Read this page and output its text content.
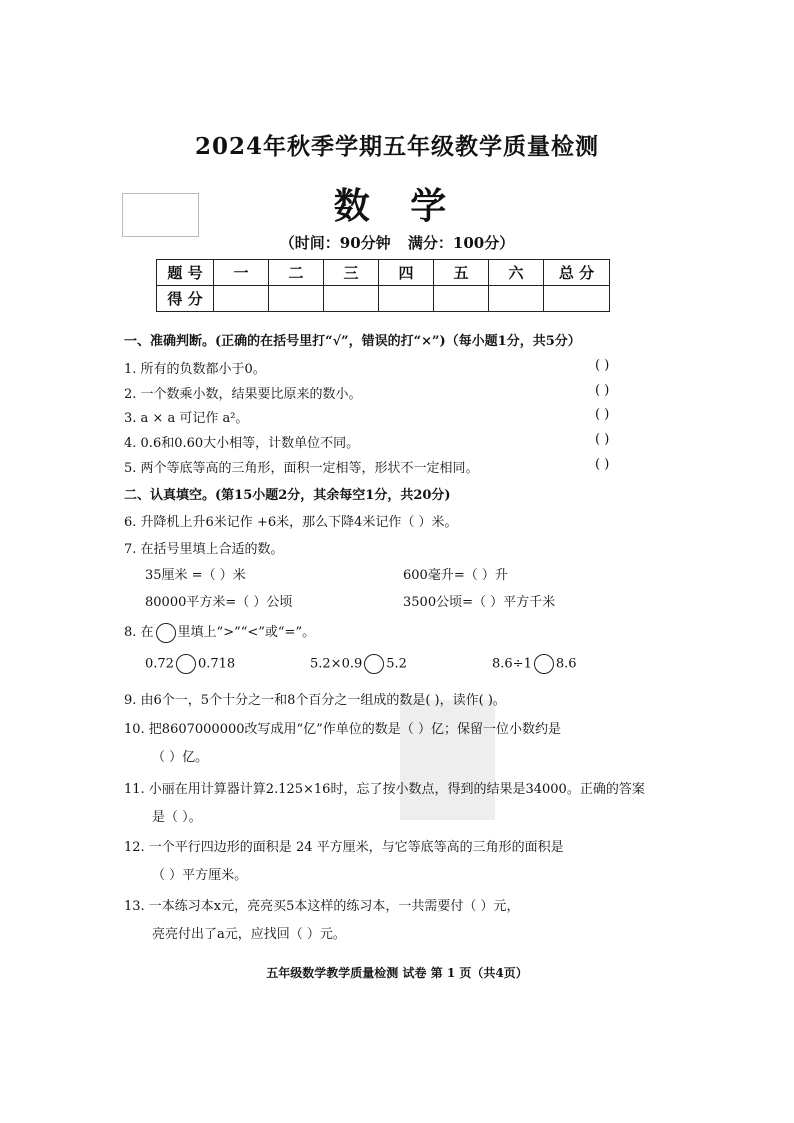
2024年秋季学期五年级教学质量检测
数 学
（时间：90分钟 满分：100分）
题 号	一	二	三	四	五	六	总 分
得 分							
一、准确判断。(正确的在括号里打“√”，错误的打“×”)（每小题1分，共5分）
1. 所有的负数都小于0。	( )
2. 一个数乘小数，结果要比原来的数小。	( )
3. a × a 可记作 a²。	( )
4. 0.6和0.60大小相等，计数单位不同。	( )
5. 两个等底等高的三角形，面积一定相等，形状不一定相同。	( )
二、认真填空。(第15小题2分，其余每空1分，共20分)
6. 升降机上升6米记作 +6米，那么下降4米记作（ ）米。
7. 在括号里填上合适的数。
35厘米 =（ ）米	600毫升=（ ）升
80000平方米=（ ）公顷	3500公顷=（ ）平方千米
8. 在 里填上“>”“<”或“=”。
0.72 0.718	5.2×0.9 5.2	8.6÷1 8.6
9. 由6个一，5个十分之一和8个百分之一组成的数是( )，读作( )。
10. 把8607000000改写成用“亿”作单位的数是（ ）亿；保留一位小数约是
（ ）亿。
11. 小丽在用计算器计算2.125×16时，忘了按小数点，得到的结果是34000。正确的答案
是（ ）。
12. 一个平行四边形的面积是 24 平方厘米，与它等底等高的三角形的面积是
（ ）平方厘米。
13. 一本练习本x元，亮亮买5本这样的练习本，一共需要付（ ）元，
亮亮付出了a元，应找回（ ）元。
五年级数学教学质量检测 试卷 第 1 页（共4页）
